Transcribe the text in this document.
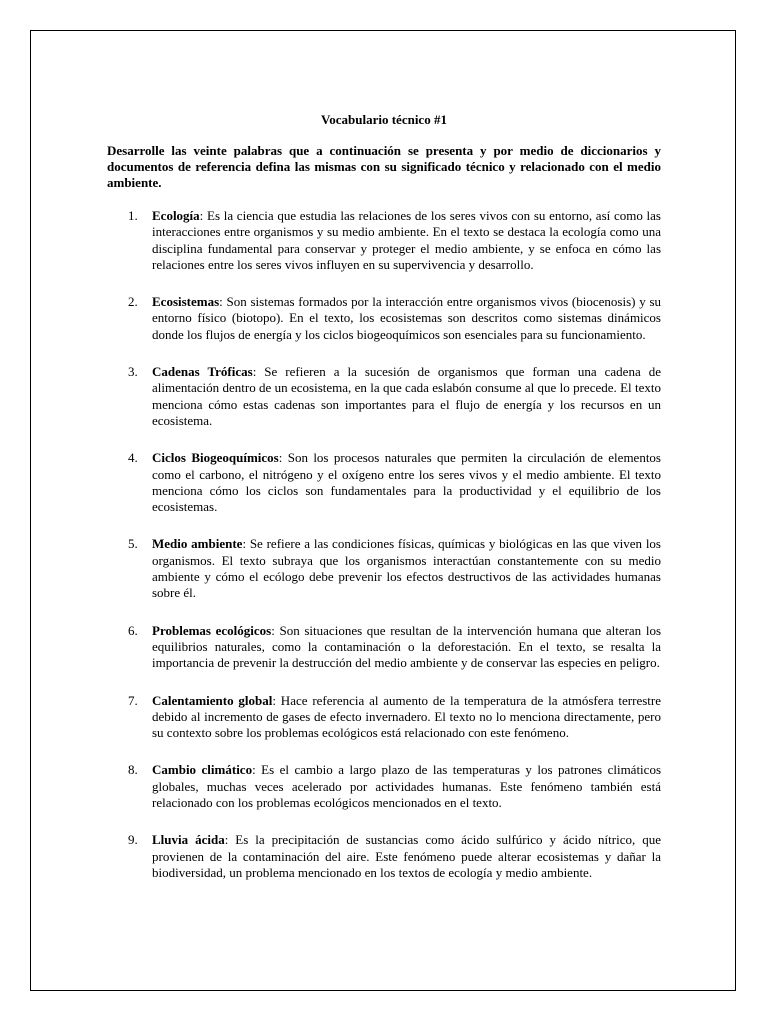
Vocabulario técnico #1
Desarrolle las veinte palabras que a continuación se presenta y por medio de diccionarios y documentos de referencia defina las mismas con su significado técnico y relacionado con el medio ambiente.
1. Ecología: Es la ciencia que estudia las relaciones de los seres vivos con su entorno, así como las interacciones entre organismos y su medio ambiente. En el texto se destaca la ecología como una disciplina fundamental para conservar y proteger el medio ambiente, y se enfoca en cómo las relaciones entre los seres vivos influyen en su supervivencia y desarrollo.
2. Ecosistemas: Son sistemas formados por la interacción entre organismos vivos (biocenosis) y su entorno físico (biotopo). En el texto, los ecosistemas son descritos como sistemas dinámicos donde los flujos de energía y los ciclos biogeoquímicos son esenciales para su funcionamiento.
3. Cadenas Tróficas: Se refieren a la sucesión de organismos que forman una cadena de alimentación dentro de un ecosistema, en la que cada eslabón consume al que lo precede. El texto menciona cómo estas cadenas son importantes para el flujo de energía y los recursos en un ecosistema.
4. Ciclos Biogeoquímicos: Son los procesos naturales que permiten la circulación de elementos como el carbono, el nitrógeno y el oxígeno entre los seres vivos y el medio ambiente. El texto menciona cómo los ciclos son fundamentales para la productividad y el equilibrio de los ecosistemas.
5. Medio ambiente: Se refiere a las condiciones físicas, químicas y biológicas en las que viven los organismos. El texto subraya que los organismos interactúan constantemente con su medio ambiente y cómo el ecólogo debe prevenir los efectos destructivos de las actividades humanas sobre él.
6. Problemas ecológicos: Son situaciones que resultan de la intervención humana que alteran los equilibrios naturales, como la contaminación o la deforestación. En el texto, se resalta la importancia de prevenir la destrucción del medio ambiente y de conservar las especies en peligro.
7. Calentamiento global: Hace referencia al aumento de la temperatura de la atmósfera terrestre debido al incremento de gases de efecto invernadero. El texto no lo menciona directamente, pero su contexto sobre los problemas ecológicos está relacionado con este fenómeno.
8. Cambio climático: Es el cambio a largo plazo de las temperaturas y los patrones climáticos globales, muchas veces acelerado por actividades humanas. Este fenómeno también está relacionado con los problemas ecológicos mencionados en el texto.
9. Lluvia ácida: Es la precipitación de sustancias como ácido sulfúrico y ácido nítrico, que provienen de la contaminación del aire. Este fenómeno puede alterar ecosistemas y dañar la biodiversidad, un problema mencionado en los textos de ecología y medio ambiente.
